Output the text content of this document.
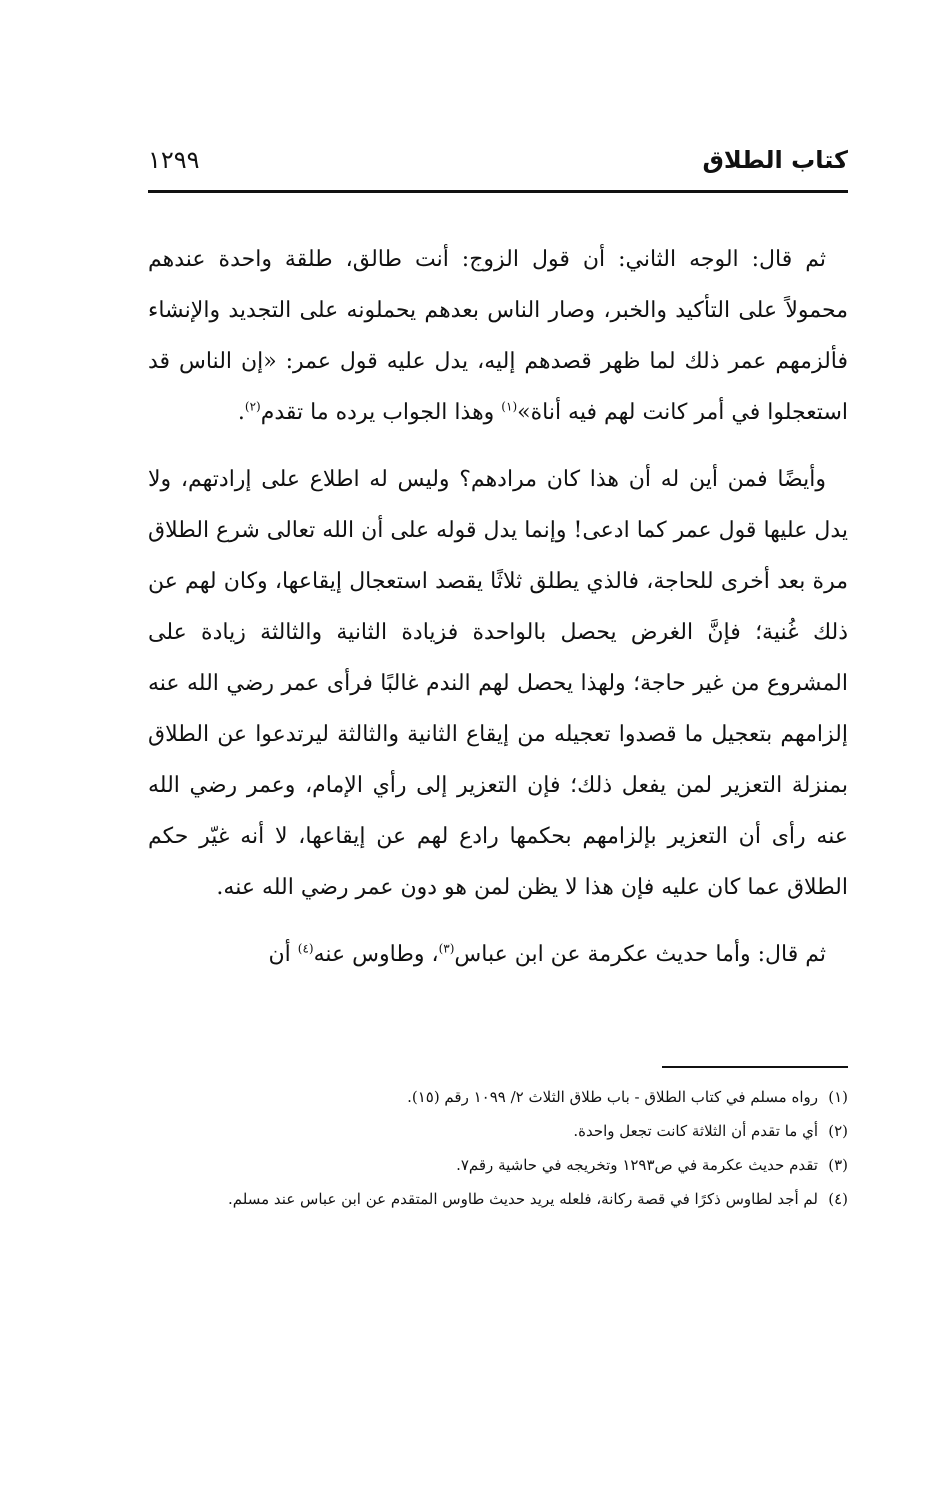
كتاب الطلاق
١٢٩٩

ثم قال: الوجه الثاني: أن قول الزوج: أنت طالق، طلقة واحدة عندهم محمولاً على التأكيد والخبر، وصار الناس بعدهم يحملونه على التجديد والإنشاء فألزمهم عمر ذلك لما ظهر قصدهم إليه، يدل عليه قول عمر: «إن الناس قد استعجلوا في أمر كانت لهم فيه أناة»$^{(١)}$ وهذا الجواب يرده ما تقدم$^{(٢)}$.

وأيضًا فمن أين له أن هذا كان مرادهم؟ وليس له اطلاع على إرادتهم، ولا يدل عليها قول عمر كما ادعى! وإنما يدل قوله على أن الله تعالى شرع الطلاق مرة بعد أخرى للحاجة، فالذي يطلق ثلاثًا يقصد استعجال إيقاعها، وكان لهم عن ذلك غُنية؛ فإنَّ الغرض يحصل بالواحدة فزيادة الثانية والثالثة زيادة على المشروع من غير حاجة؛ ولهذا يحصل لهم الندم غالبًا فرأى عمر رضي الله عنه إلزامهم بتعجيل ما قصدوا تعجيله من إيقاع الثانية والثالثة ليرتدعوا عن الطلاق بمنزلة التعزير لمن يفعل ذلك؛ فإن التعزير إلى رأي الإمام، وعمر رضي الله عنه رأى أن التعزير بإلزامهم بحكمها رادع لهم عن إيقاعها، لا أنه غيّر حكم الطلاق عما كان عليه فإن هذا لا يظن لمن هو دون عمر رضي الله عنه.

ثم قال: وأما حديث عكرمة عن ابن عباس$^{(٣)}$، وطاوس عنه$^{(٤)}$ أن

(١)
رواه مسلم في كتاب الطلاق - باب طلاق الثلاث ٢/ ١٠٩٩ رقم (١٥).
(٢)
أي ما تقدم أن الثلاثة كانت تجعل واحدة.
(٣)
تقدم حديث عكرمة في ص١٢٩٣ وتخريجه في حاشية رقم٧.
(٤)
لم أجد لطاوس ذكرًا في قصة ركانة، فلعله يريد حديث طاوس المتقدم عن ابن عباس عند مسلم.
